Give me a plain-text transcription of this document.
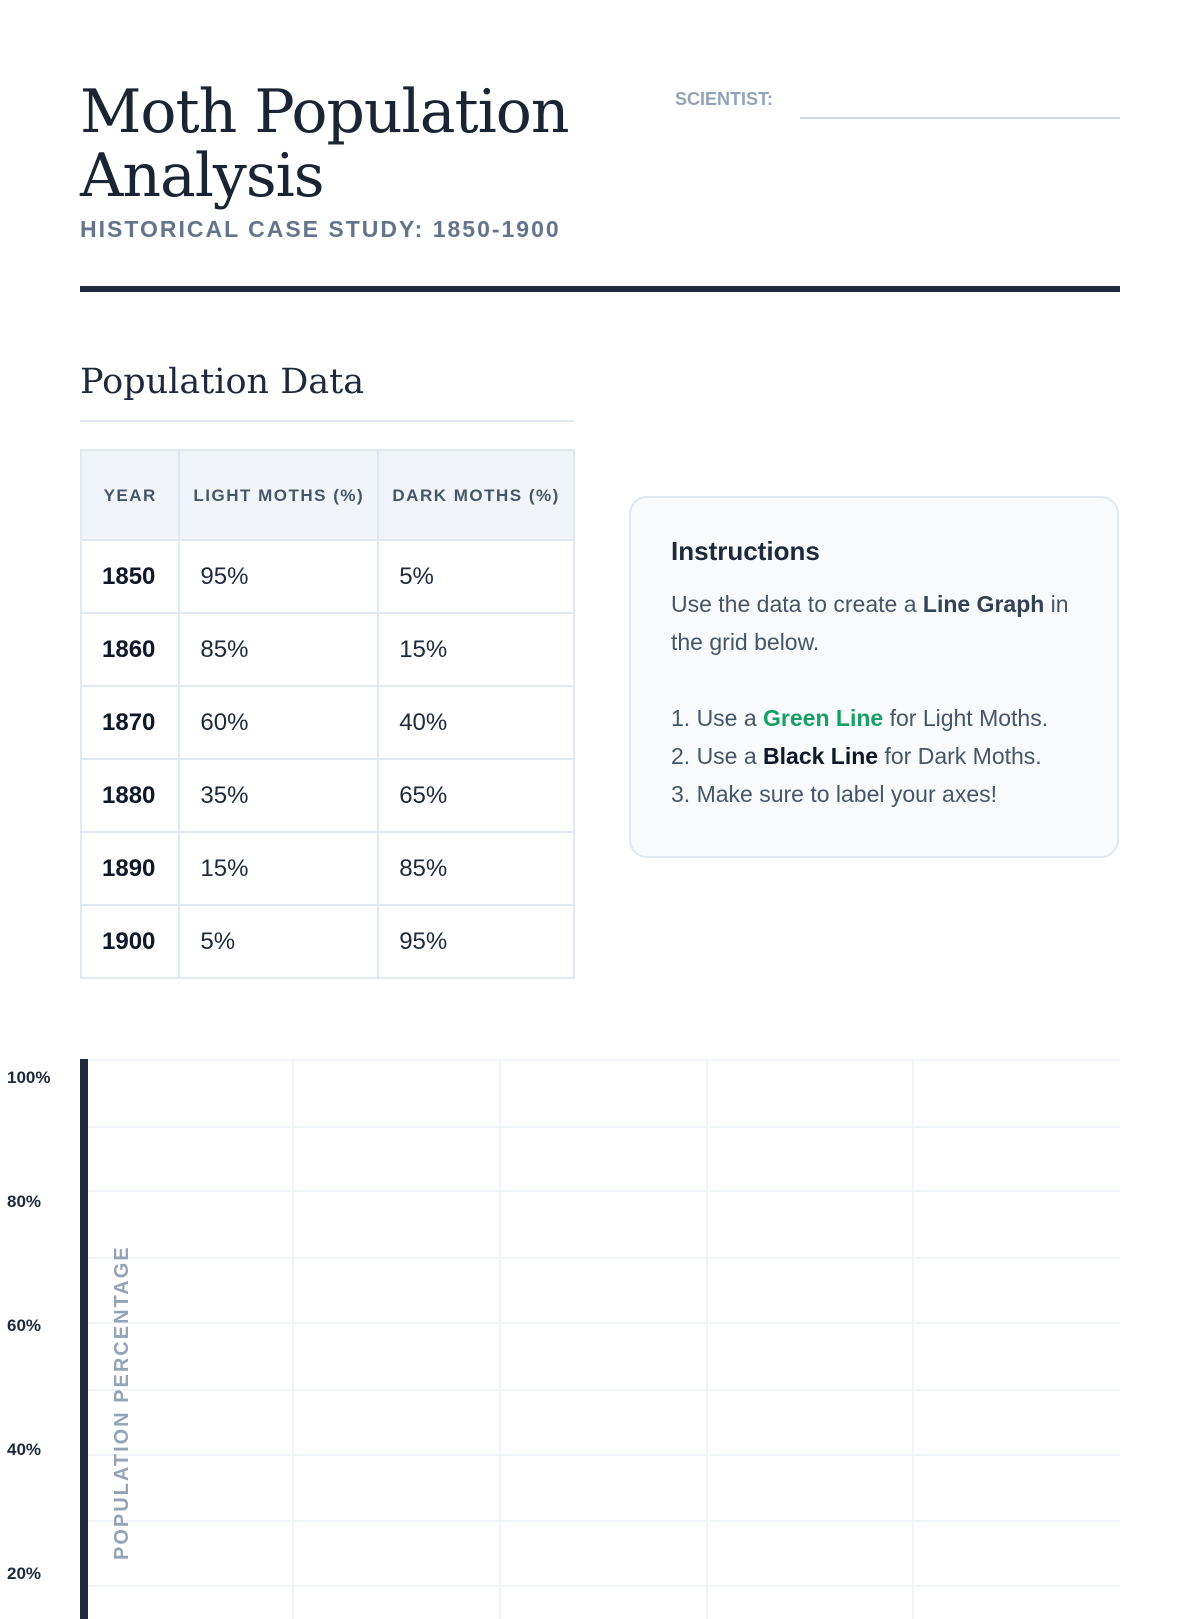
Moth Population Analysis
HISTORICAL CASE STUDY: 1850-1900
SCIENTIST:
Population Data
YEAR	LIGHT MOTHS (%)	DARK MOTHS (%)
1850	95%	5%
1860	85%	15%
1870	60%	40%
1880	35%	65%
1890	15%	85%
1900	5%	95%
Instructions

Use the data to create a Line Graph in the grid below.

1. Use a Green Line for Light Moths.
2. Use a Black Line for Dark Moths.
3. Make sure to label your axes!
100%
80%
60%
40%
20%
POPULATION PERCENTAGE
